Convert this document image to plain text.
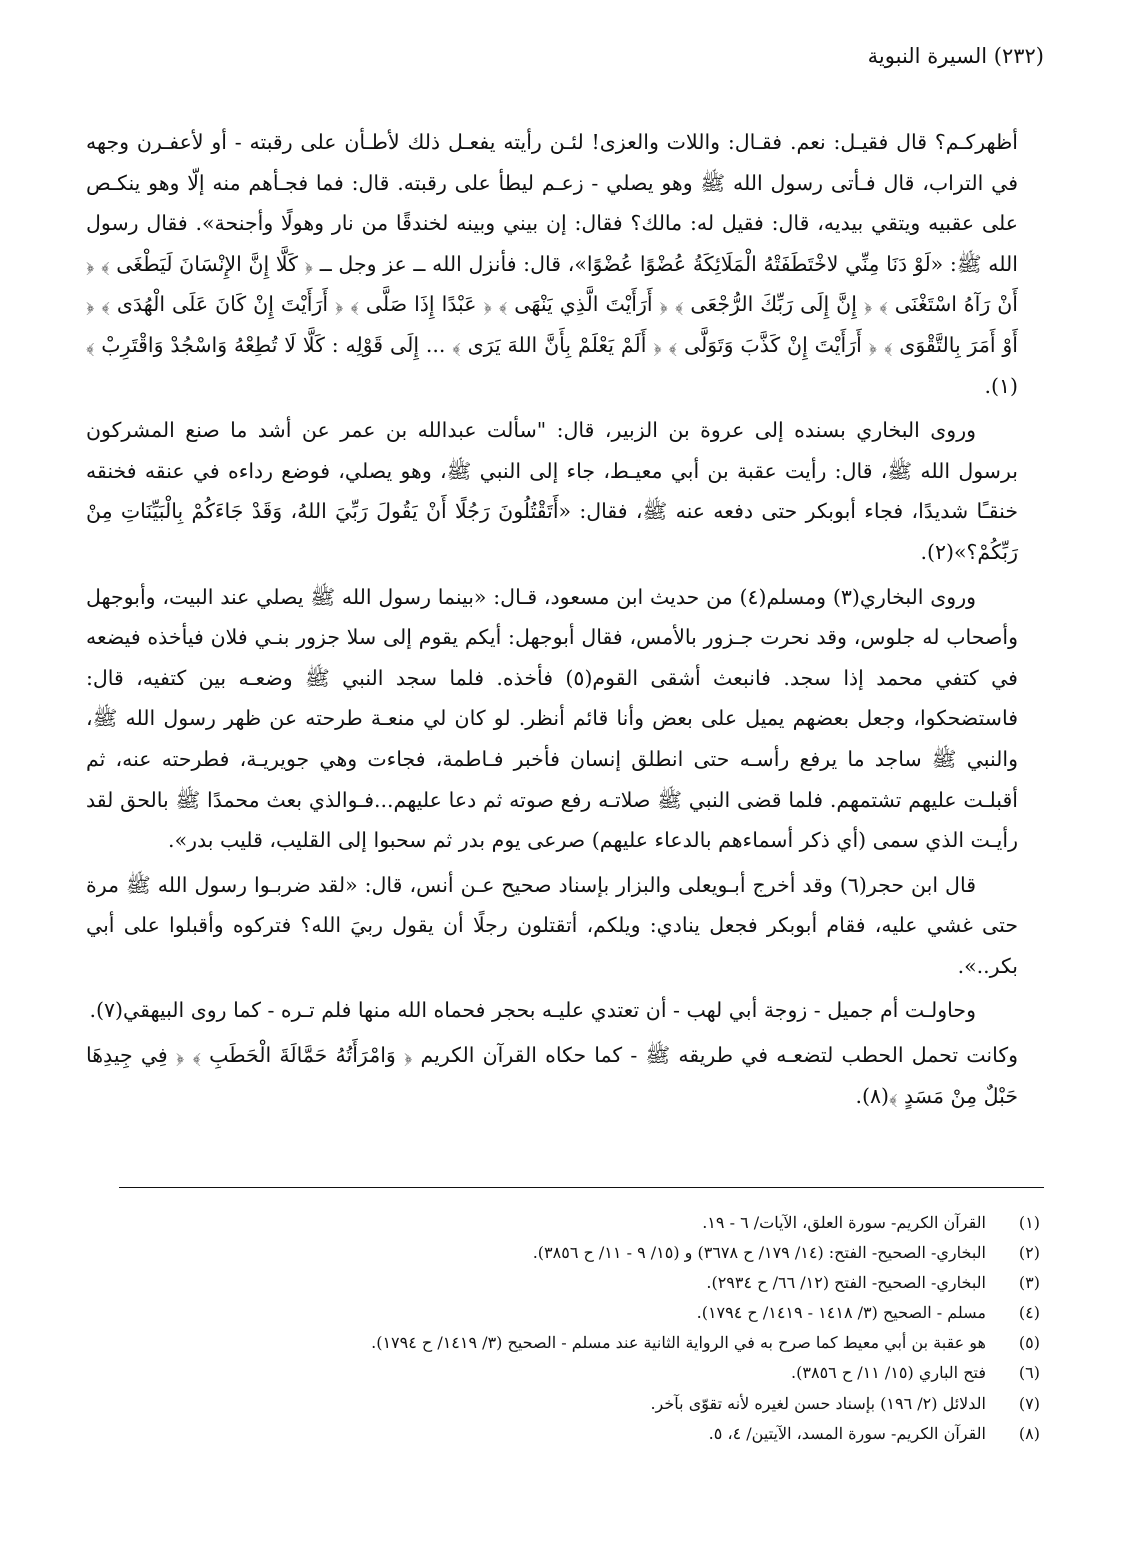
(٢٣٢) السيرة النبوية

أظهركـم؟ قال فقيـل: نعم. فقـال: واللات والعزى! لئـن رأيته يفعـل ذلك لأطـأن على رقبته - أو لأعفـرن وجهه في التراب، قال فـأتى رسول الله ﷺ وهو يصلي - زعـم ليطأ على رقبته. قال: فما فجـأهم منه إلّا وهو ينكـص على عقبيه ويتقي بيديه، قال: فقيل له: مالك؟ فقال: إن بيني وبينه لخندقًا من نار وهولًا وأجنحة». فقال رسول الله ﷺ: «لَوْ دَنَا مِنِّي لاخْتَطَفَتْهُ الْمَلَائِكَةُ عُضْوًا عُضْوًا»، قال: فأنزل الله ــ عز وجل ــ ﴿ كَلَّا إِنَّ الإِنْسَانَ لَيَطْغَى ﴾ ﴿ أَنْ رَآهُ اسْتَغْنَى ﴾ ﴿ إِنَّ إِلَى رَبِّكَ الرُّجْعَى ﴾ ﴿ أَرَأَيْتَ الَّذِي يَنْهَى ﴾ ﴿ عَبْدًا إِذَا صَلَّى ﴾ ﴿ أَرَأَيْتَ إِنْ كَانَ عَلَى الْهُدَى ﴾ ﴿ أَوْ أَمَرَ بِالتَّقْوَى ﴾ ﴿ أَرَأَيْتَ إِنْ كَذَّبَ وَتَوَلَّى ﴾ ﴿ أَلَمْ يَعْلَمْ بِأَنَّ اللهَ يَرَى ﴾ ... إِلَى قَوْلِه : كَلَّا لَا تُطِعْهُ وَاسْجُدْ وَاقْتَرِبْ ﴾(١).

وروى البخاري بسنده إلى عروة بن الزبير، قال: "سألت عبدالله بن عمر عن أشد ما صنع المشركون برسول الله ﷺ، قال: رأيت عقبة بن أبي معيـط، جاء إلى النبي ﷺ، وهو يصلي، فوضع رداءه في عنقه فخنقه خنقـًا شديدًا، فجاء أبوبكر حتى دفعه عنه ﷺ، فقال: «أَتَقْتُلُونَ رَجُلًا أَنْ يَقُولَ رَبِّيَ اللهُ، وَقَدْ جَاءَكُمْ بِالْبَيِّنَاتِ مِنْ رَبِّكُمْ؟»(٢).

وروى البخاري(٣) ومسلم(٤) من حديث ابن مسعود، قـال: «بينما رسول الله ﷺ يصلي عند البيت، وأبوجهل وأصحاب له جلوس، وقد نحرت جـزور بالأمس، فقال أبوجهل: أيكم يقوم إلى سلا جزور بنـي فلان فيأخذه فيضعه في كتفي محمد إذا سجد. فانبعث أشقى القوم(٥) فأخذه. فلما سجد النبي ﷺ وضعـه بين كتفيه، قال: فاستضحكوا، وجعل بعضهم يميل على بعض وأنا قائم أنظر. لو كان لي منعـة طرحته عن ظهر رسول الله ﷺ، والنبي ﷺ ساجد ما يرفع رأسـه حتى انطلق إنسان فأخبر فـاطمة، فجاءت وهي جويريـة، فطرحته عنه، ثم أقبلـت عليهم تشتمهم. فلما قضى النبي ﷺ صلاتـه رفع صوته ثم دعا عليهم...فـوالذي بعث محمدًا ﷺ بالحق لقد رأيـت الذي سمى (أي ذكر أسماءهم بالدعاء عليهم) صرعى يوم بدر ثم سحبوا إلى القليب، قليب بدر».

قال ابن حجر(٦) وقد أخرج أبـويعلى والبزار بإسناد صحيح عـن أنس، قال: «لقد ضربـوا رسول الله ﷺ مرة حتى غشي عليه، فقام أبوبكر فجعل ينادي: ويلكم، أتقتلون رجلًا أن يقول ربيَ الله؟ فتركوه وأقبلوا على أبي بكر..».

وحاولـت أم جميل - زوجة أبي لهب - أن تعتدي عليـه بحجر فحماه الله منها فلم تـره - كما روى البيهقي(٧).

وكانت تحمل الحطب لتضعـه في طريقه ﷺ - كما حكاه القرآن الكريم ﴿ وَامْرَأَتُهُ حَمَّالَةَ الْحَطَبِ ﴾ ﴿ فِي جِيدِهَا حَبْلٌ مِنْ مَسَدٍ ﴾(٨).

(١)
القرآن الكريم- سورة العلق، الآيات/ ٦ - ١٩.
(٢)
البخاري- الصحيح- الفتح: (١٤/ ١٧٩/ ح ٣٦٧٨) و (١٥/ ٩ - ١١/ ح ٣٨٥٦).
(٣)
البخاري- الصحيح- الفتح (١٢/ ٦٦/ ح ٢٩٣٤).
(٤)
مسلم - الصحيح (٣/ ١٤١٨ - ١٤١٩/ ح ١٧٩٤).
(٥)
هو عقبة بن أبي معيط كما صرح به في الرواية الثانية عند مسلم - الصحيح (٣/ ١٤١٩/ ح ١٧٩٤).
(٦)
فتح الباري (١٥/ ١١/ ح ٣٨٥٦).
(٧)
الدلائل (٢/ ١٩٦) بإسناد حسن لغيره لأنه تقوّى بآخر.
(٨)
القرآن الكريم- سورة المسد، الآيتين/ ٤، ٥.
